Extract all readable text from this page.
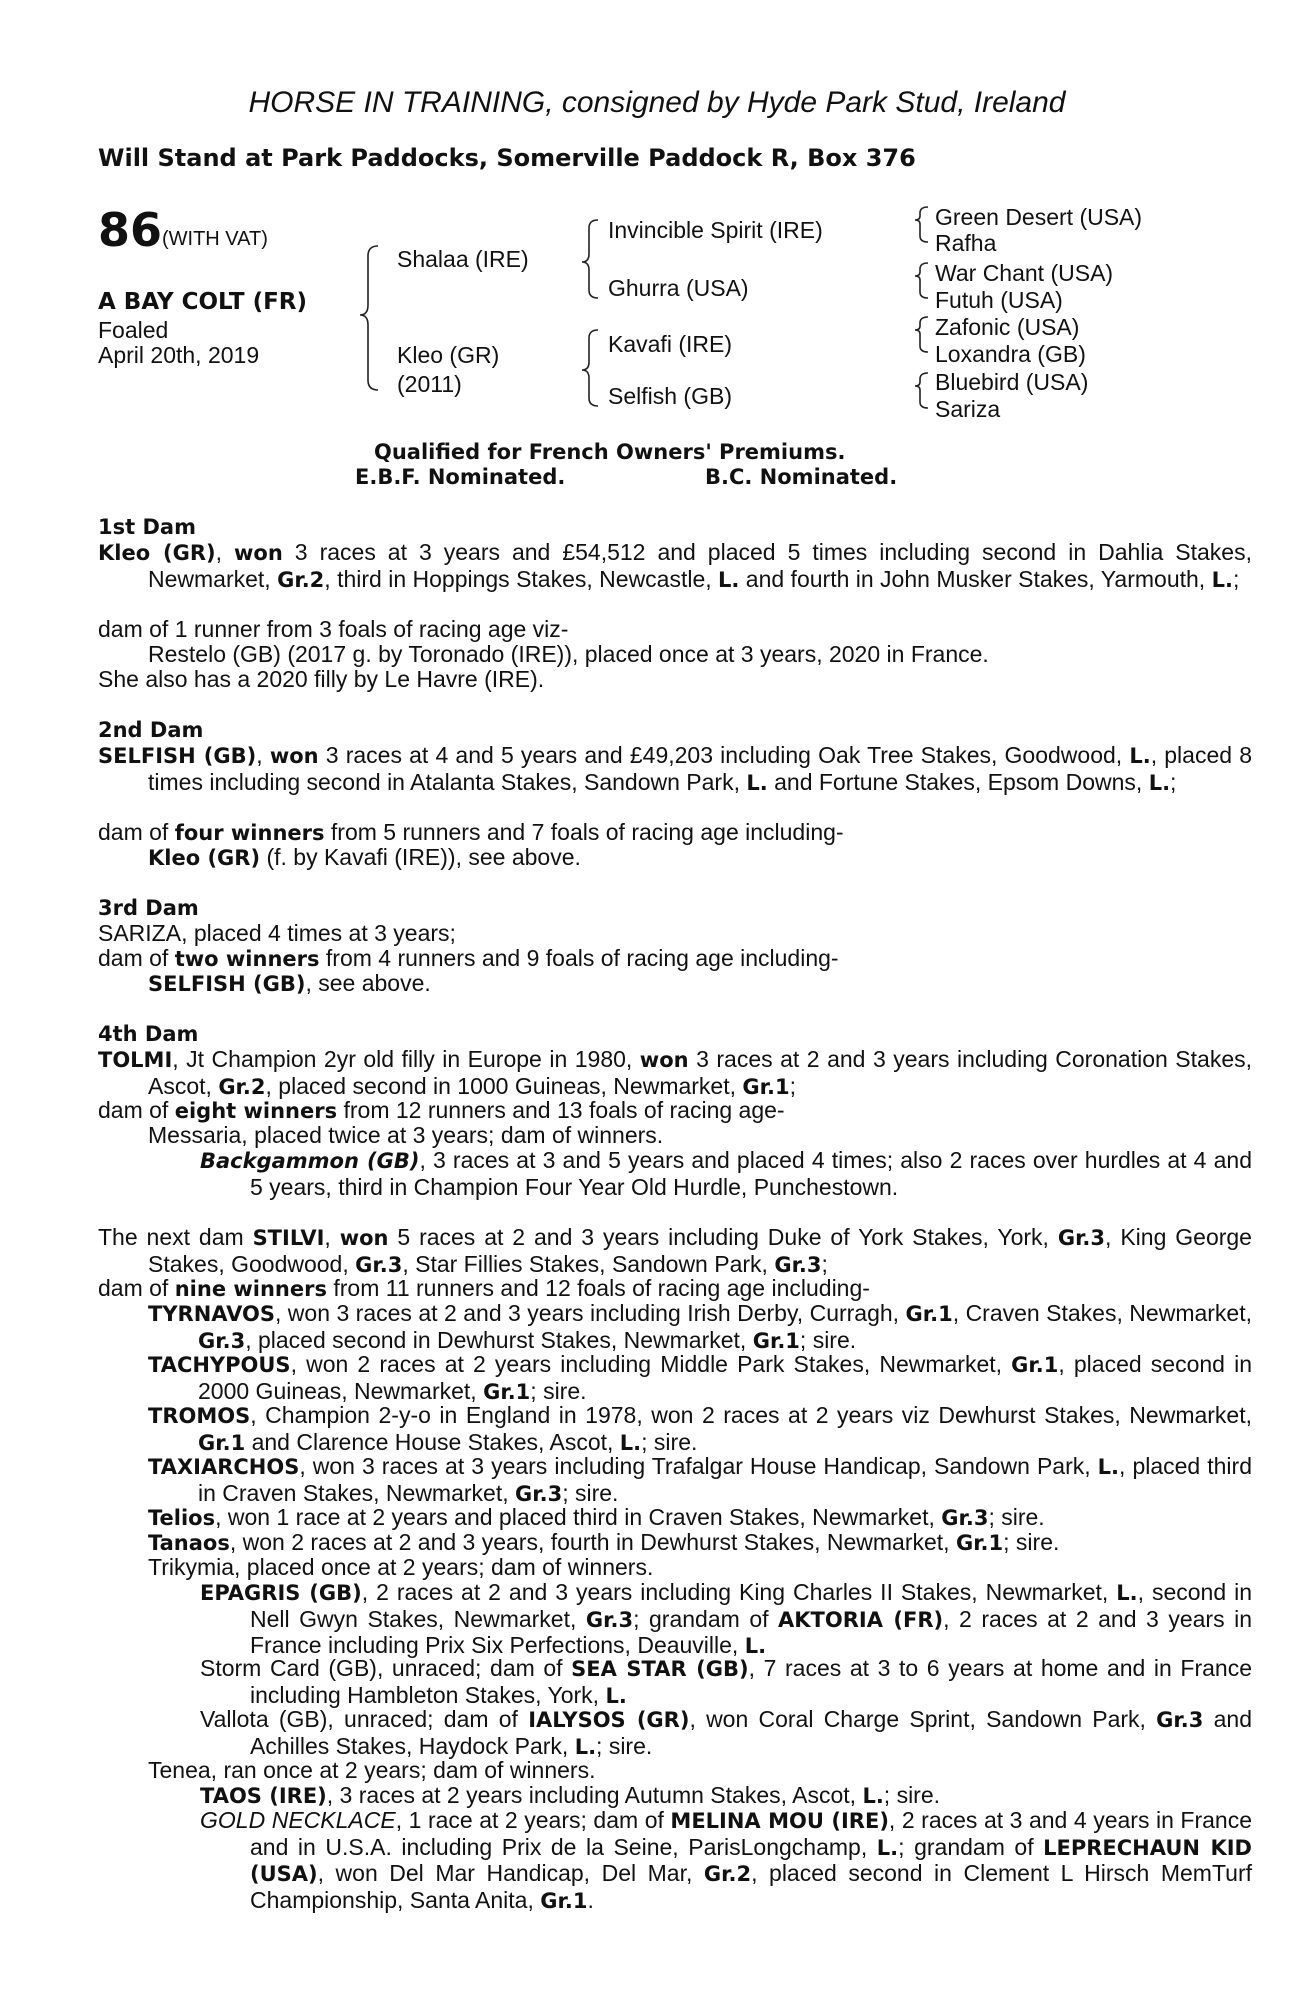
HORSE IN TRAINING, consigned by Hyde Park Stud, Ireland
Will Stand at Park Paddocks, Somerville Paddock R, Box 376
86 (WITH VAT)
A BAY COLT (FR)
Foaled
April 20th, 2019
Shalaa (IRE)
Kleo (GR)
(2011)
Invincible Spirit (IRE)
Ghurra (USA)
Kavafi (IRE)
Selfish (GB)
Green Desert (USA)
Rafha
War Chant (USA)
Futuh (USA)
Zafonic (USA)
Loxandra (GB)
Bluebird (USA)
Sariza
Qualified for French Owners' Premiums.
E.B.F. Nominated.	B.C. Nominated.
1st Dam
Kleo (GR), won 3 races at 3 years and £54,512 and placed 5 times including second in Dahlia Stakes, Newmarket, Gr.2, third in Hoppings Stakes, Newcastle, L. and fourth in John Musker Stakes, Yarmouth, L.;
dam of 1 runner from 3 foals of racing age viz-
Restelo (GB) (2017 g. by Toronado (IRE)), placed once at 3 years, 2020 in France.
She also has a 2020 filly by Le Havre (IRE).
2nd Dam
SELFISH (GB), won 3 races at 4 and 5 years and £49,203 including Oak Tree Stakes, Goodwood, L., placed 8 times including second in Atalanta Stakes, Sandown Park, L. and Fortune Stakes, Epsom Downs, L.;
dam of four winners from 5 runners and 7 foals of racing age including-
Kleo (GR) (f. by Kavafi (IRE)), see above.
3rd Dam
SARIZA, placed 4 times at 3 years;
dam of two winners from 4 runners and 9 foals of racing age including-
SELFISH (GB), see above.
4th Dam
TOLMI, Jt Champion 2yr old filly in Europe in 1980, won 3 races at 2 and 3 years including Coronation Stakes, Ascot, Gr.2, placed second in 1000 Guineas, Newmarket, Gr.1;
dam of eight winners from 12 runners and 13 foals of racing age-
Messaria, placed twice at 3 years; dam of winners.
Backgammon (GB), 3 races at 3 and 5 years and placed 4 times; also 2 races over hurdles at 4 and 5 years, third in Champion Four Year Old Hurdle, Punchestown.
The next dam STILVI, won 5 races at 2 and 3 years including Duke of York Stakes, York, Gr.3, King George Stakes, Goodwood, Gr.3, Star Fillies Stakes, Sandown Park, Gr.3;
dam of nine winners from 11 runners and 12 foals of racing age including-
TYRNAVOS, won 3 races at 2 and 3 years including Irish Derby, Curragh, Gr.1, Craven Stakes, Newmarket, Gr.3, placed second in Dewhurst Stakes, Newmarket, Gr.1; sire.
TACHYPOUS, won 2 races at 2 years including Middle Park Stakes, Newmarket, Gr.1, placed second in 2000 Guineas, Newmarket, Gr.1; sire.
TROMOS, Champion 2-y-o in England in 1978, won 2 races at 2 years viz Dewhurst Stakes, Newmarket, Gr.1 and Clarence House Stakes, Ascot, L.; sire.
TAXIARCHOS, won 3 races at 3 years including Trafalgar House Handicap, Sandown Park, L., placed third in Craven Stakes, Newmarket, Gr.3; sire.
Telios, won 1 race at 2 years and placed third in Craven Stakes, Newmarket, Gr.3; sire.
Tanaos, won 2 races at 2 and 3 years, fourth in Dewhurst Stakes, Newmarket, Gr.1; sire.
Trikymia, placed once at 2 years; dam of winners.
EPAGRIS (GB), 2 races at 2 and 3 years including King Charles II Stakes, Newmarket, L., second in Nell Gwyn Stakes, Newmarket, Gr.3; grandam of AKTORIA (FR), 2 races at 2 and 3 years in France including Prix Six Perfections, Deauville, L.
Storm Card (GB), unraced; dam of SEA STAR (GB), 7 races at 3 to 6 years at home and in France including Hambleton Stakes, York, L.
Vallota (GB), unraced; dam of IALYSOS (GR), won Coral Charge Sprint, Sandown Park, Gr.3 and Achilles Stakes, Haydock Park, L.; sire.
Tenea, ran once at 2 years; dam of winners.
TAOS (IRE), 3 races at 2 years including Autumn Stakes, Ascot, L.; sire.
GOLD NECKLACE, 1 race at 2 years; dam of MELINA MOU (IRE), 2 races at 3 and 4 years in France and in U.S.A. including Prix de la Seine, ParisLongchamp, L.; grandam of LEPRECHAUN KID (USA), won Del Mar Handicap, Del Mar, Gr.2, placed second in Clement L Hirsch MemTurf Championship, Santa Anita, Gr.1.
